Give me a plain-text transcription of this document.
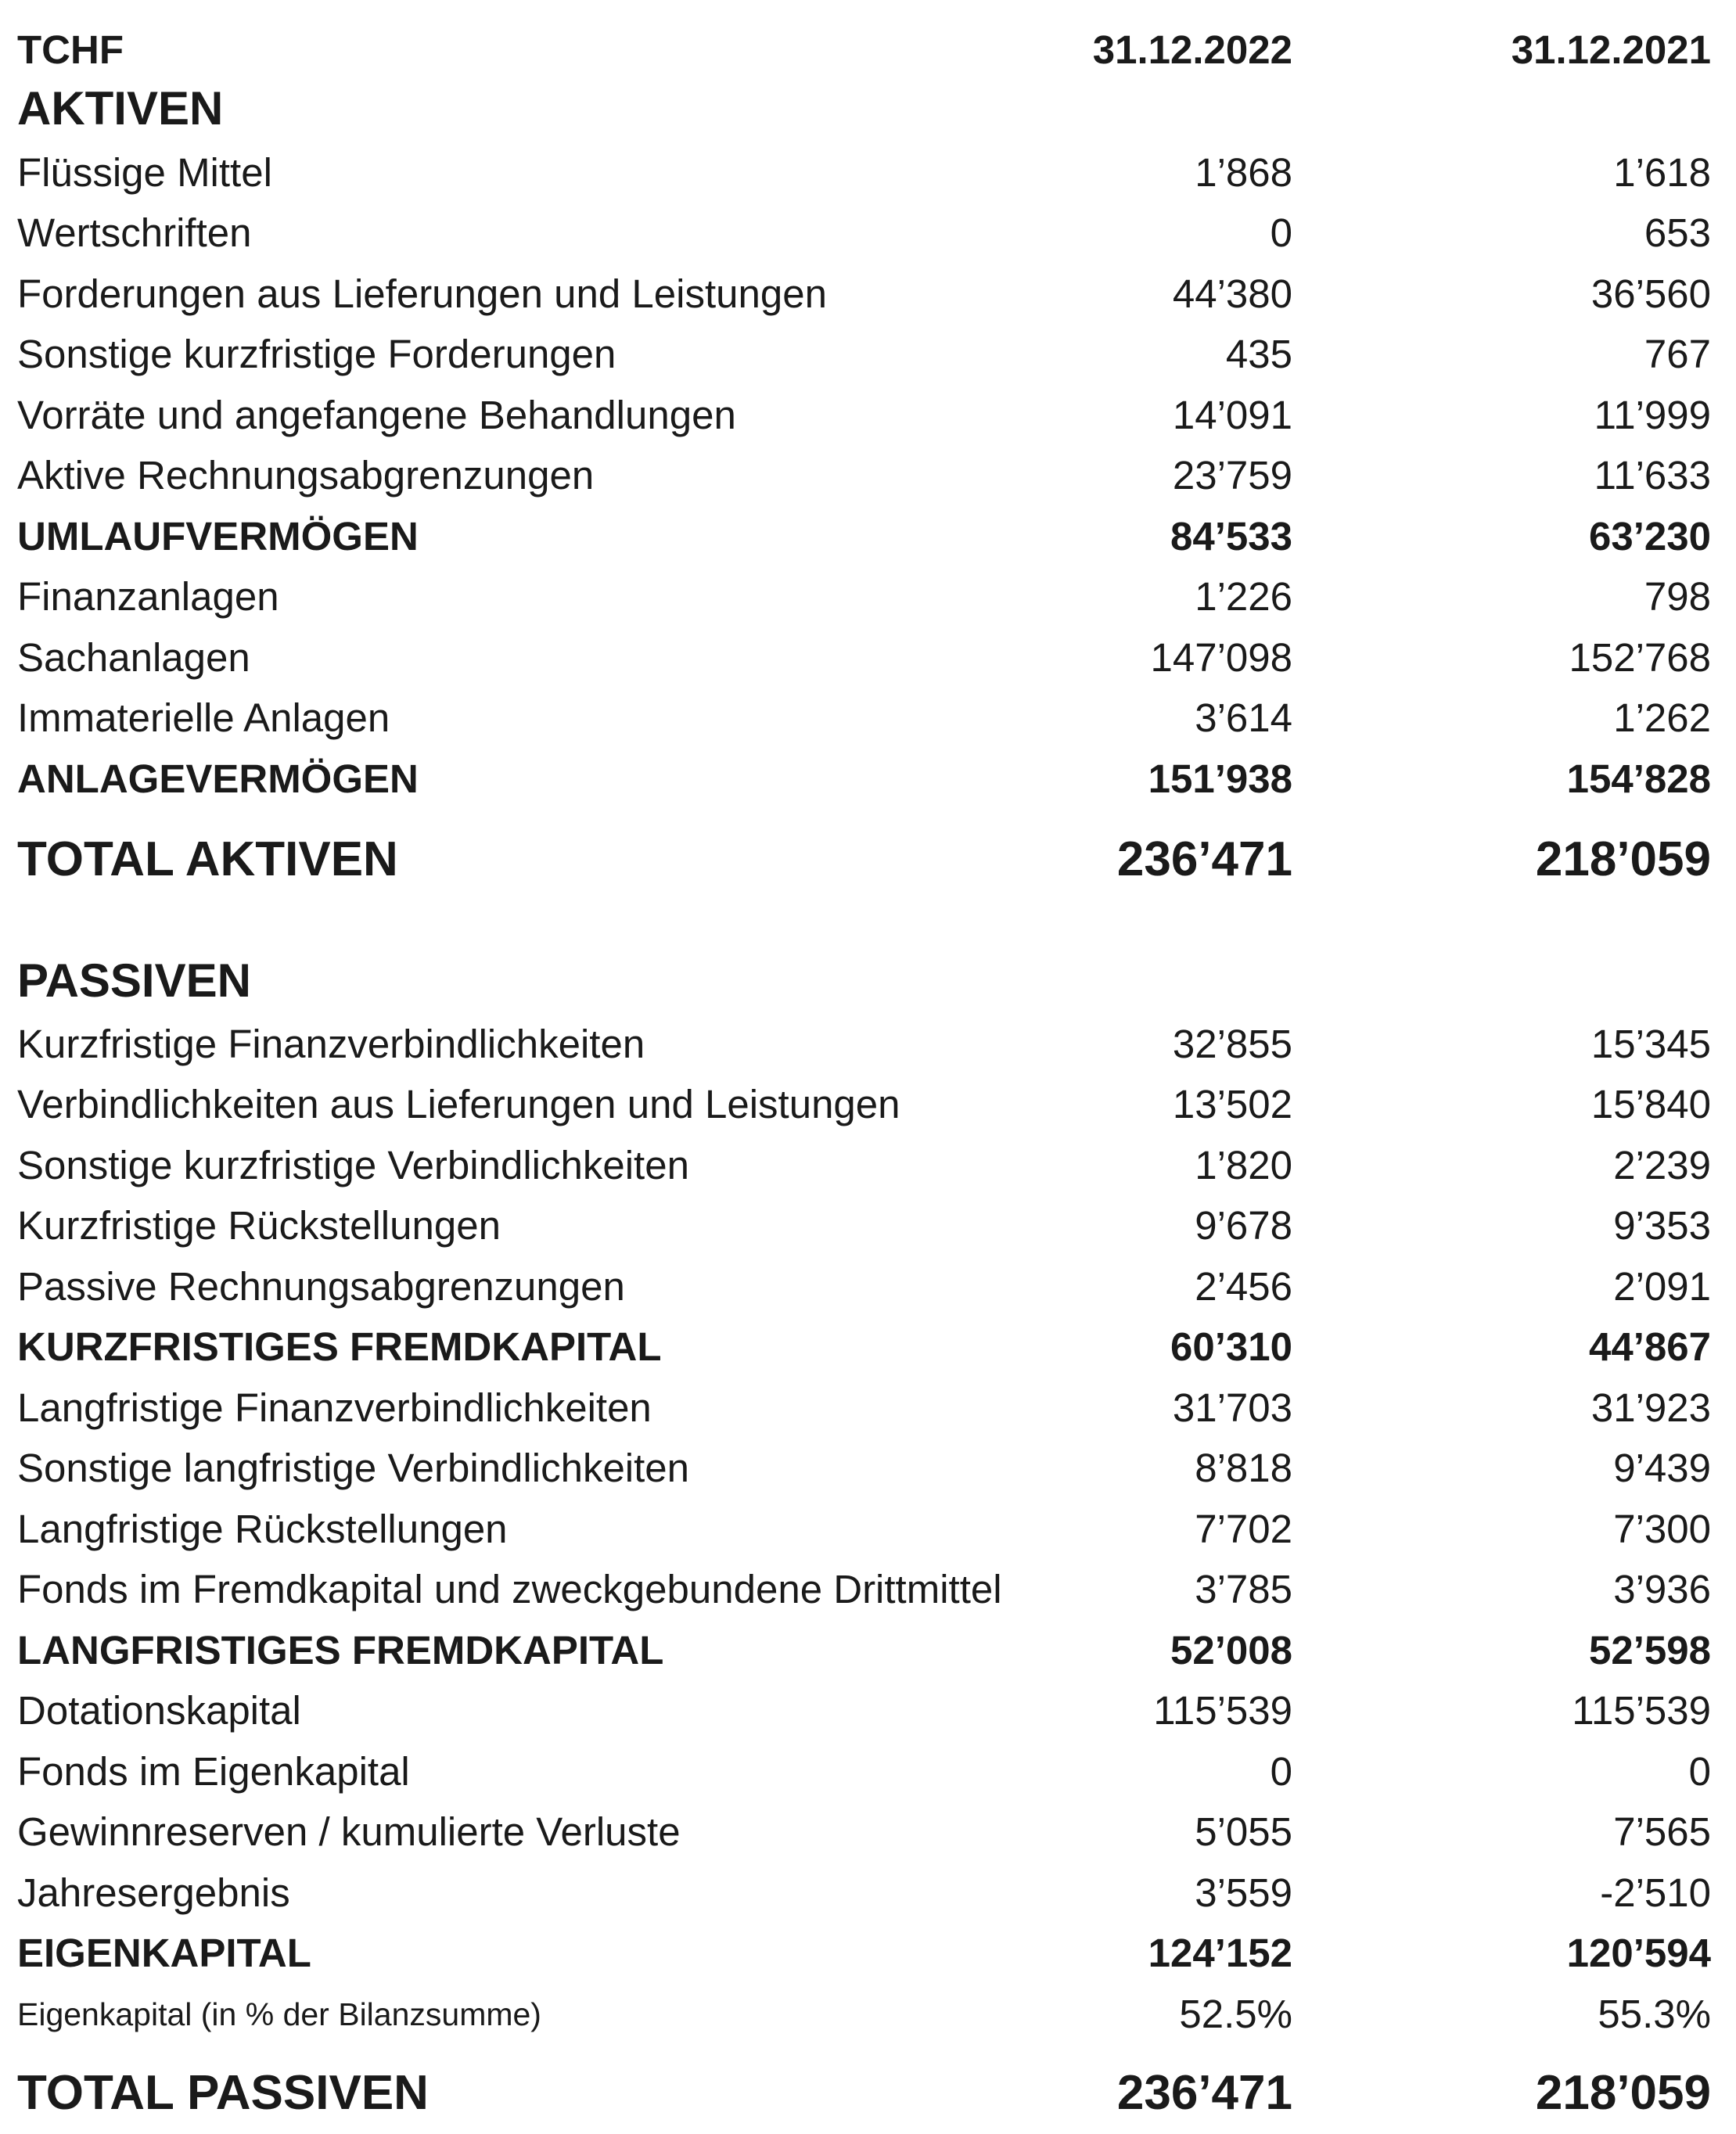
TCHF	31.12.2022	31.12.2021
AKTIVEN
Flüssige Mittel	1’868	1’618
Wertschriften	0	653
Forderungen aus Lieferungen und Leistungen	44’380	36’560
Sonstige kurzfristige Forderungen	435	767
Vorräte und angefangene Behandlungen	14’091	11’999
Aktive Rechnungsabgrenzungen	23’759	11’633
UMLAUFVERMÖGEN	84’533	63’230
Finanzanlagen	1’226	798
Sachanlagen	147’098	152’768
Immaterielle Anlagen	3’614	1’262
ANLAGEVERMÖGEN	151’938	154’828
TOTAL AKTIVEN	236’471	218’059
PASSIVEN
Kurzfristige Finanzverbindlichkeiten	32’855	15’345
Verbindlichkeiten aus Lieferungen und Leistungen	13’502	15’840
Sonstige kurzfristige Verbindlichkeiten	1’820	2’239
Kurzfristige Rückstellungen	9’678	9’353
Passive Rechnungsabgrenzungen	2’456	2’091
KURZFRISTIGES FREMDKAPITAL	60’310	44’867
Langfristige Finanzverbindlichkeiten	31’703	31’923
Sonstige langfristige Verbindlichkeiten	8’818	9’439
Langfristige Rückstellungen	7’702	7’300
Fonds im Fremdkapital und zweckgebundene Drittmittel	3’785	3’936
LANGFRISTIGES FREMDKAPITAL	52’008	52’598
Dotationskapital	115’539	115’539
Fonds im Eigenkapital	0	0
Gewinnreserven / kumulierte Verluste	5’055	7’565
Jahresergebnis	3’559	-2’510
EIGENKAPITAL	124’152	120’594
Eigenkapital (in % der Bilanzsumme)	52.5%	55.3%
TOTAL PASSIVEN	236’471	218’059
